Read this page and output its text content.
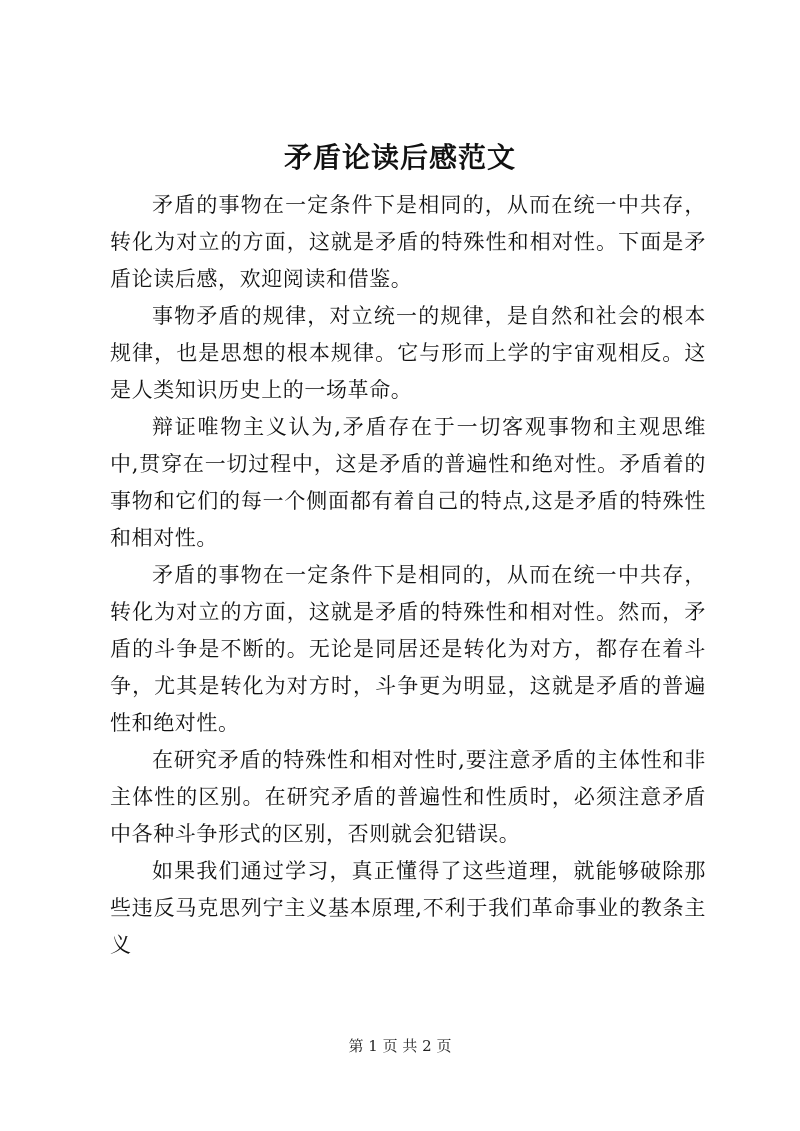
矛盾论读后感范文

矛盾的事物在一定条件下是相同的，从而在统一中共存，转化为对立的方面，这就是矛盾的特殊性和相对性。下面是矛盾论读后感，欢迎阅读和借鉴。

事物矛盾的规律，对立统一的规律，是自然和社会的根本规律，也是思想的根本规律。它与形而上学的宇宙观相反。这是人类知识历史上的一场革命。

辩证唯物主义认为,矛盾存在于一切客观事物和主观思维中,贯穿在一切过程中，这是矛盾的普遍性和绝对性。矛盾着的事物和它们的每一个侧面都有着自己的特点,这是矛盾的特殊性和相对性。

矛盾的事物在一定条件下是相同的，从而在统一中共存，转化为对立的方面，这就是矛盾的特殊性和相对性。然而，矛盾的斗争是不断的。无论是同居还是转化为对方，都存在着斗争，尤其是转化为对方时，斗争更为明显，这就是矛盾的普遍性和绝对性。

在研究矛盾的特殊性和相对性时,要注意矛盾的主体性和非主体性的区别。在研究矛盾的普遍性和性质时，必须注意矛盾中各种斗争形式的区别，否则就会犯错误。

如果我们通过学习，真正懂得了这些道理，就能够破除那些违反马克思列宁主义基本原理,不利于我们革命事业的教条主义

第 1 页 共 2 页
